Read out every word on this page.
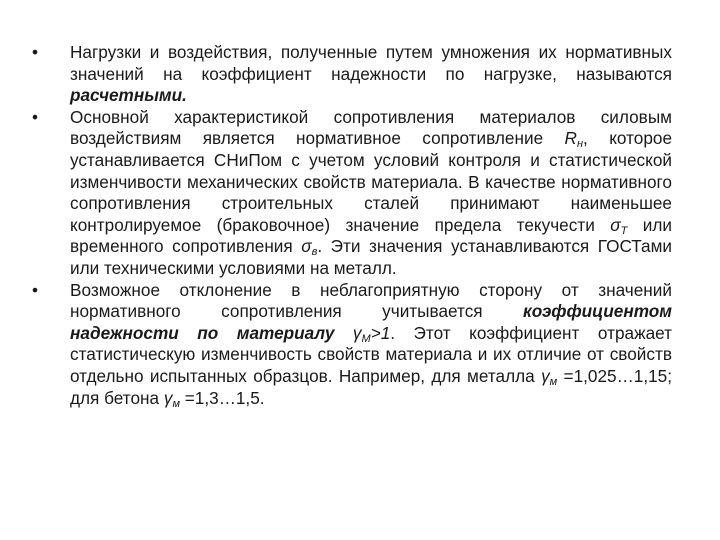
•	Нагрузки и воздействия, полученные путем умножения их нормативных значений на коэффициент надежности по нагрузке, называются расчетными.
•	Основной характеристикой сопротивления материалов силовым воздействиям является нормативное сопротивление $R_н$, которое устанавливается СНиПом с учетом условий контроля и статистической изменчивости механических свойств материала. В качестве нормативного сопротивления строительных сталей принимают наименьшее контролируемое (браковочное) значение предела текучести $\sigma_Т$ или временного сопротивления $\sigma_в$. Эти значения устанавливаются ГОСТами или техническими условиями на металл.
•	Возможное отклонение в неблагоприятную сторону от значений нормативного сопротивления учитывается коэффициентом надежности по материалу $\gamma_М>1$. Этот коэффициент отражает статистическую изменчивость свойств материала и их отличие от свойств отдельно испытанных образцов. Например, для металла $\gamma_м$ =1,025…1,15; для бетона $\gamma_м$ =1,3…1,5.
